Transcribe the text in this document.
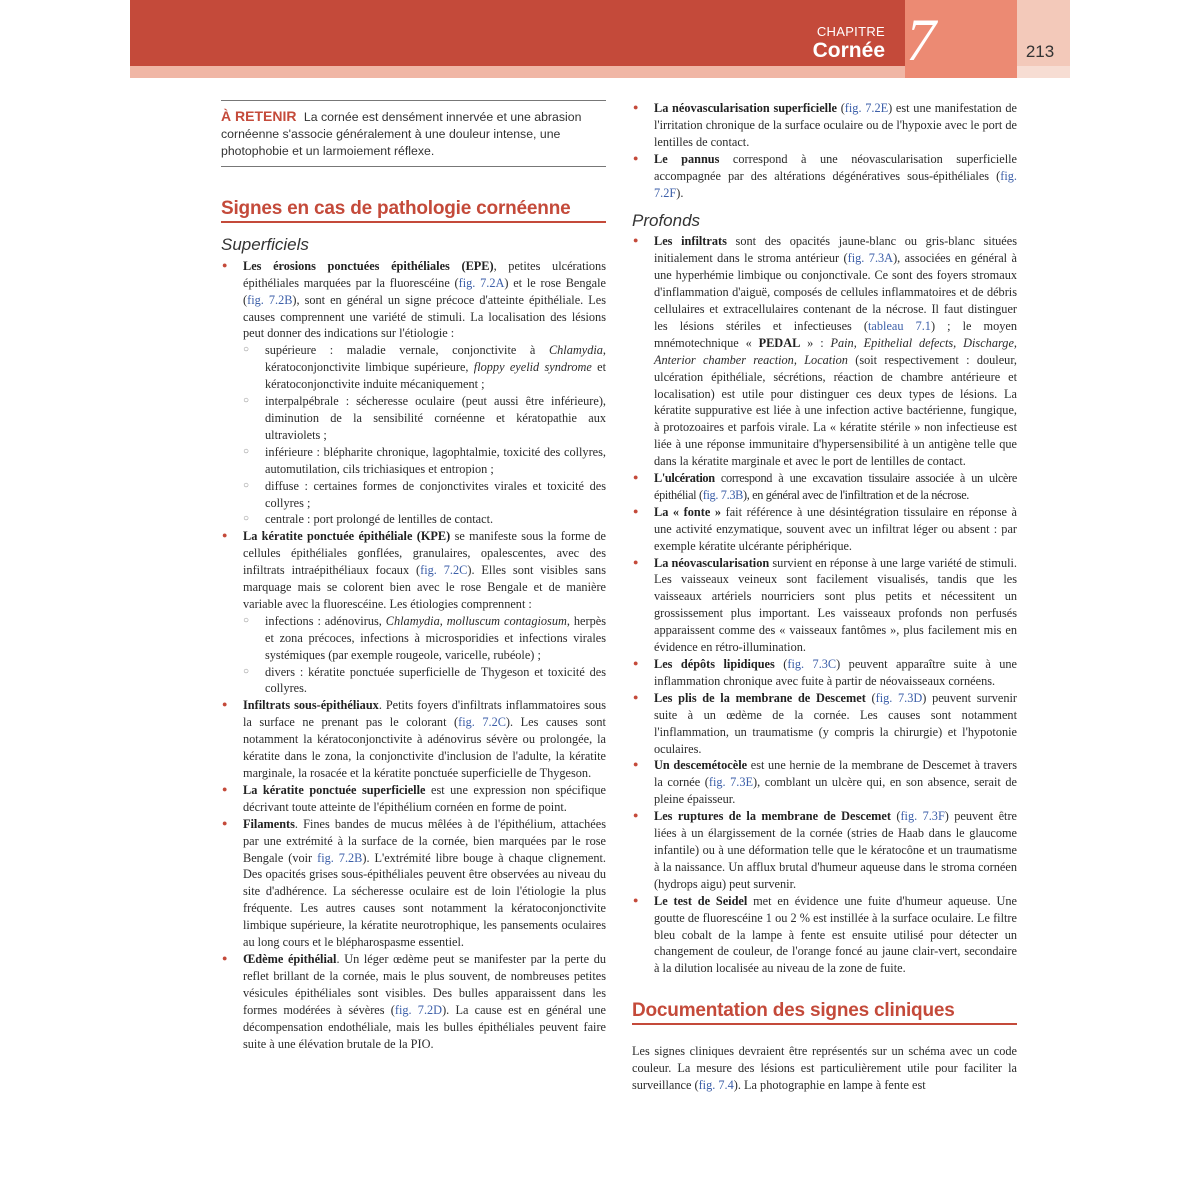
CHAPITRE
Cornée 7	213
À RETENIR La cornée est densément innervée et une abrasion cornéenne s'associe généralement à une douleur intense, une photophobie et un larmoiement réflexe.
Signes en cas de pathologie cornéenne
Superficiels
● Les érosions ponctuées épithéliales (EPE), petites ulcérations épithéliales marquées par la fluorescéine (fig. 7.2A) et le rose Bengale (fig. 7.2B), sont en général un signe précoce d'atteinte épithéliale. Les causes comprennent une variété de stimuli. La localisation des lésions peut donner des indications sur l'étiologie :
○ supérieure : maladie vernale, conjonctivite à Chlamydia, kératoconjonctivite limbique supérieure, floppy eyelid syndrome et kératoconjonctivite induite mécaniquement ;
○ interpalpébrale : sécheresse oculaire (peut aussi être inférieure), diminution de la sensibilité cornéenne et kératopathie aux ultraviolets ;
○ inférieure : blépharite chronique, lagophtalmie, toxicité des collyres, automutilation, cils trichiasiques et entropion ;
○ diffuse : certaines formes de conjonctivites virales et toxicité des collyres ;
○ centrale : port prolongé de lentilles de contact.
● La kératite ponctuée épithéliale (KPE) se manifeste sous la forme de cellules épithéliales gonflées, granulaires, opalescentes, avec des infiltrats intraépithéliaux focaux (fig. 7.2C). Elles sont visibles sans marquage mais se colorent bien avec le rose Bengale et de manière variable avec la fluorescéine. Les étiologies comprennent :
○ infections : adénovirus, Chlamydia, molluscum contagiosum, herpès et zona précoces, infections à microsporidies et infections virales systémiques (par exemple rougeole, varicelle, rubéole) ;
○ divers : kératite ponctuée superficielle de Thygeson et toxicité des collyres.
● Infiltrats sous-épithéliaux. Petits foyers d'infiltrats inflammatoires sous la surface ne prenant pas le colorant (fig. 7.2C). Les causes sont notamment la kératoconjonctivite à adénovirus sévère ou prolongée, la kératite dans le zona, la conjonctivite d'inclusion de l'adulte, la kératite marginale, la rosacée et la kératite ponctuée superficielle de Thygeson.
● La kératite ponctuée superficielle est une expression non spécifique décrivant toute atteinte de l'épithélium cornéen en forme de point.
● Filaments. Fines bandes de mucus mêlées à de l'épithélium, attachées par une extrémité à la surface de la cornée, bien marquées par le rose Bengale (voir fig. 7.2B). L'extrémité libre bouge à chaque clignement. Des opacités grises sous-épithéliales peuvent être observées au niveau du site d'adhérence. La sécheresse oculaire est de loin l'étiologie la plus fréquente. Les autres causes sont notamment la kératoconjonctivite limbique supérieure, la kératite neurotrophique, les pansements oculaires au long cours et le blépharospasme essentiel.
● Œdème épithélial. Un léger œdème peut se manifester par la perte du reflet brillant de la cornée, mais le plus souvent, de nombreuses petites vésicules épithéliales sont visibles. Des bulles apparaissent dans les formes modérées à sévères (fig. 7.2D). La cause est en général une décompensation endothéliale, mais les bulles épithéliales peuvent faire suite à une élévation brutale de la PIO.
● La néovascularisation superficielle (fig. 7.2E) est une manifestation de l'irritation chronique de la surface oculaire ou de l'hypoxie avec le port de lentilles de contact.
● Le pannus correspond à une néovascularisation superficielle accompagnée par des altérations dégénératives sous-épithéliales (fig. 7.2F).
Profonds
● Les infiltrats sont des opacités jaune-blanc ou gris-blanc situées initialement dans le stroma antérieur (fig. 7.3A), associées en général à une hyperhémie limbique ou conjonctivale. Ce sont des foyers stromaux d'inflammation d'aiguë, composés de cellules inflammatoires et de débris cellulaires et extracellulaires contenant de la nécrose. Il faut distinguer les lésions stériles et infectieuses (tableau 7.1) ; le moyen mnémotechnique « PEDAL » : Pain, Epithelial defects, Discharge, Anterior chamber reaction, Location (soit respectivement : douleur, ulcération épithéliale, sécrétions, réaction de chambre antérieure et localisation) est utile pour distinguer ces deux types de lésions. La kératite suppurative est liée à une infection active bactérienne, fungique, à protozoaires et parfois virale. La « kératite stérile » non infectieuse est liée à une réponse immunitaire d'hypersensibilité à un antigène telle que dans la kératite marginale et avec le port de lentilles de contact.
● L'ulcération correspond à une excavation tissulaire associée à un ulcère épithélial (fig. 7.3B), en général avec de l'infiltration et de la nécrose.
● La « fonte » fait référence à une désintégration tissulaire en réponse à une activité enzymatique, souvent avec un infiltrat léger ou absent : par exemple kératite ulcérante périphérique.
● La néovascularisation survient en réponse à une large variété de stimuli. Les vaisseaux veineux sont facilement visualisés, tandis que les vaisseaux artériels nourriciers sont plus petits et nécessitent un grossissement plus important. Les vaisseaux profonds non perfusés apparaissent comme des « vaisseaux fantômes », plus facilement mis en évidence en rétro-illumination.
● Les dépôts lipidiques (fig. 7.3C) peuvent apparaître suite à une inflammation chronique avec fuite à partir de néovaisseaux cornéens.
● Les plis de la membrane de Descemet (fig. 7.3D) peuvent survenir suite à un œdème de la cornée. Les causes sont notamment l'inflammation, un traumatisme (y compris la chirurgie) et l'hypotonie oculaires.
● Un descemétocèle est une hernie de la membrane de Descemet à travers la cornée (fig. 7.3E), comblant un ulcère qui, en son absence, serait de pleine épaisseur.
● Les ruptures de la membrane de Descemet (fig. 7.3F) peuvent être liées à un élargissement de la cornée (stries de Haab dans le glaucome infantile) ou à une déformation telle que le kératocône et un traumatisme à la naissance. Un afflux brutal d'humeur aqueuse dans le stroma cornéen (hydrops aigu) peut survenir.
● Le test de Seidel met en évidence une fuite d'humeur aqueuse. Une goutte de fluorescéine 1 ou 2 % est instillée à la surface oculaire. Le filtre bleu cobalt de la lampe à fente est ensuite utilisé pour détecter un changement de couleur, de l'orange foncé au jaune clair-vert, secondaire à la dilution localisée au niveau de la zone de fuite.
Documentation des signes cliniques

Les signes cliniques devraient être représentés sur un schéma avec un code couleur. La mesure des lésions est particulièrement utile pour faciliter la surveillance (fig. 7.4). La photographie en lampe à fente est
